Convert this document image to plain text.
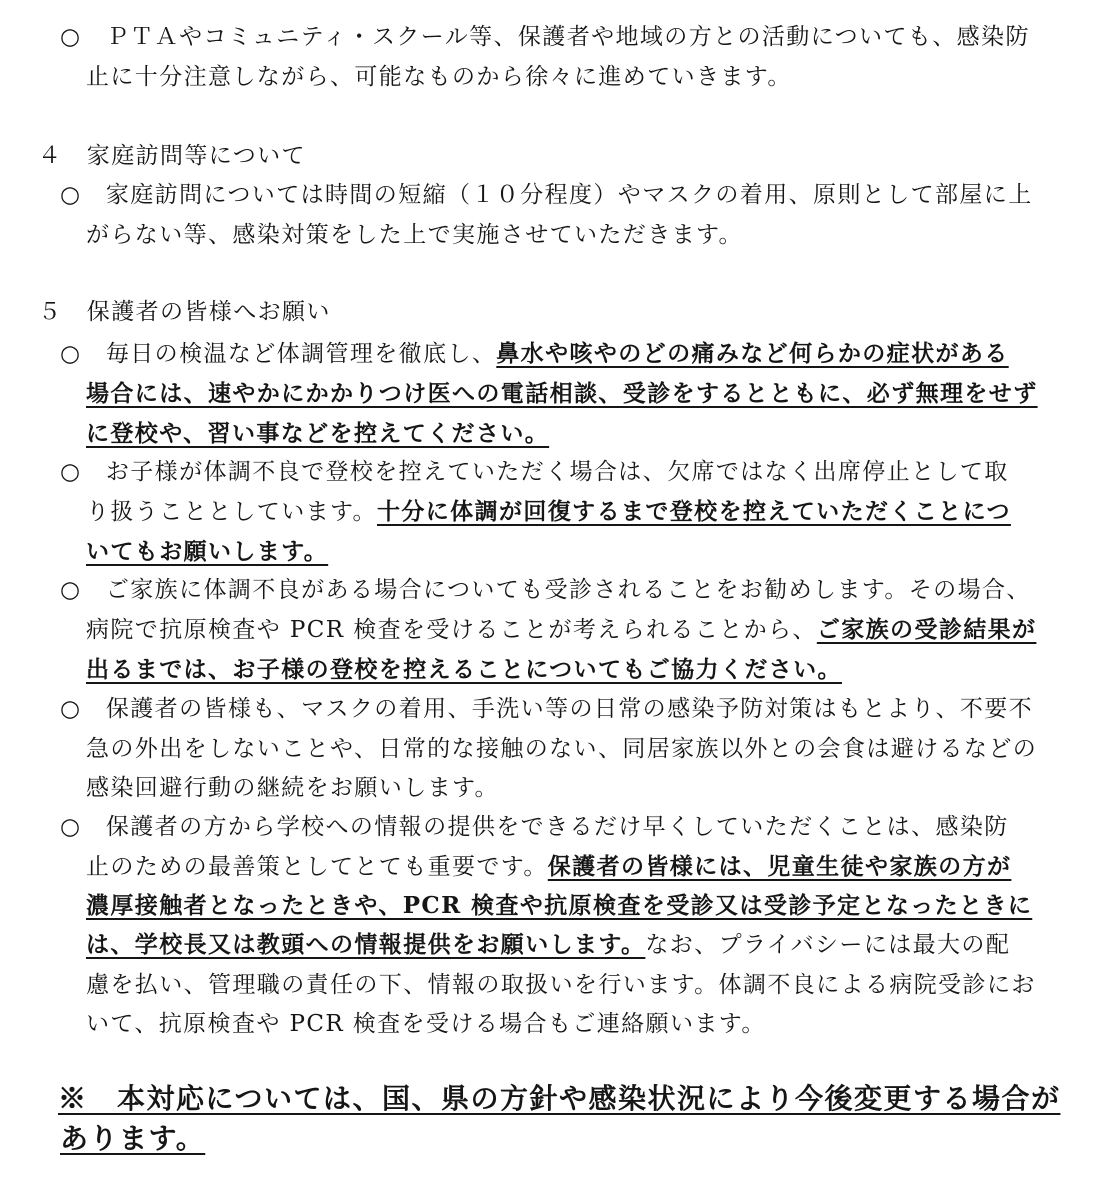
○　ＰＴＡやコミュニティ・スクール等、保護者や地域の方との活動についても、感染防
止に十分注意しながら、可能なものから徐々に進めていきます。
４　家庭訪問等について
○　家庭訪問については時間の短縮（１０分程度）やマスクの着用、原則として部屋に上
がらない等、感染対策をした上で実施させていただきます。
５　保護者の皆様へお願い
○　毎日の検温など体調管理を徹底し、鼻水や咳やのどの痛みなど何らかの症状がある
場合には、速やかにかかりつけ医への電話相談、受診をするとともに、必ず無理をせず
に登校や、習い事などを控えてください。
○　お子様が体調不良で登校を控えていただく場合は、欠席ではなく出席停止として取
り扱うこととしています。十分に体調が回復するまで登校を控えていただくことにつ
いてもお願いします。
○　ご家族に体調不良がある場合についても受診されることをお勧めします。その場合、
病院で抗原検査や PCR 検査を受けることが考えられることから、ご家族の受診結果が
出るまでは、お子様の登校を控えることについてもご協力ください。
○　保護者の皆様も、マスクの着用、手洗い等の日常の感染予防対策はもとより、不要不
急の外出をしないことや、日常的な接触のない、同居家族以外との会食は避けるなどの
感染回避行動の継続をお願いします。
○　保護者の方から学校への情報の提供をできるだけ早くしていただくことは、感染防
止のための最善策としてとても重要です。保護者の皆様には、児童生徒や家族の方が
濃厚接触者となったときや、PCR 検査や抗原検査を受診又は受診予定となったときに
は、学校長又は教頭への情報提供をお願いします。なお、プライバシーには最大の配
慮を払い、管理職の責任の下、情報の取扱いを行います。体調不良による病院受診にお
いて、抗原検査や PCR 検査を受ける場合もご連絡願います。
※　本対応については、国、県の方針や感染状況により今後変更する場合が
あります。
